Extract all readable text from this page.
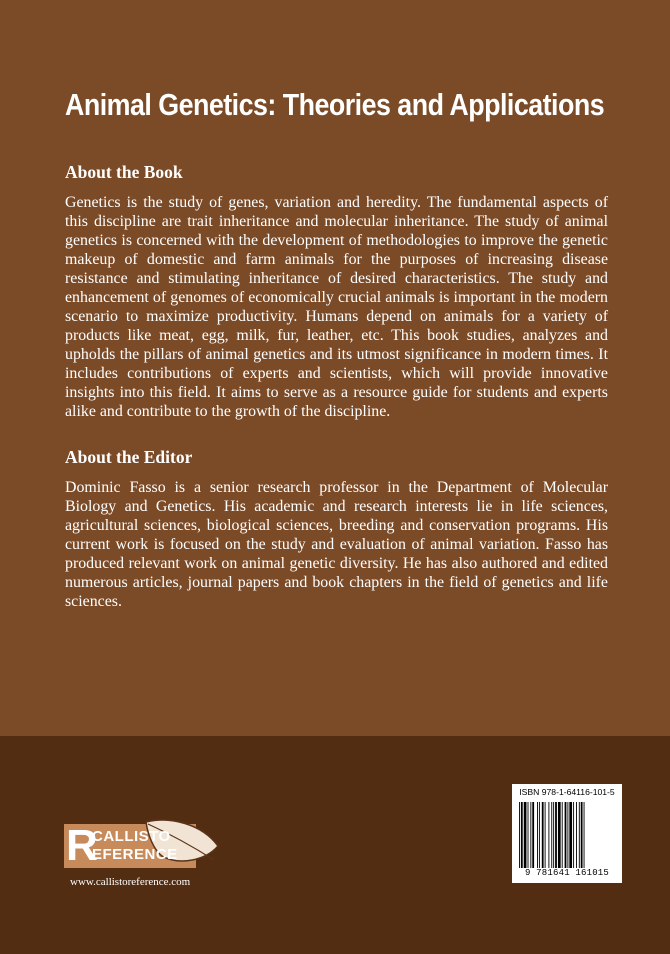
Animal Genetics: Theories and Applications
About the Book
Genetics is the study of genes, variation and heredity. The fundamental aspects of this discipline are trait inheritance and molecular inheritance. The study of animal genetics is concerned with the development of methodologies to improve the genetic makeup of domestic and farm animals for the purposes of increasing disease resistance and stimulating inheritance of desired characteristics. The study and enhancement of genomes of economically crucial animals is important in the modern scenario to maximize productivity. Humans depend on animals for a variety of products like meat, egg, milk, fur, leather, etc. This book studies, analyzes and upholds the pillars of animal genetics and its utmost significance in modern times. It includes contributions of experts and scientists, which will provide innovative insights into this field. It aims to serve as a resource guide for students and experts alike and contribute to the growth of the discipline.
About the Editor
Dominic Fasso is a senior research professor in the Department of Molecular Biology and Genetics. His academic and research interests lie in life sciences, agricultural sciences, biological sciences, breeding and conservation programs. His current work is focused on the study and evaluation of animal variation. Fasso has produced relevant work on animal genetic diversity. He has also authored and edited numerous articles, journal papers and book chapters in the field of genetics and life sciences.
R
CALLISTO
EFERENCE
www.callistoreference.com
ISBN 978-1-64116-101-5
9 781641 161015
